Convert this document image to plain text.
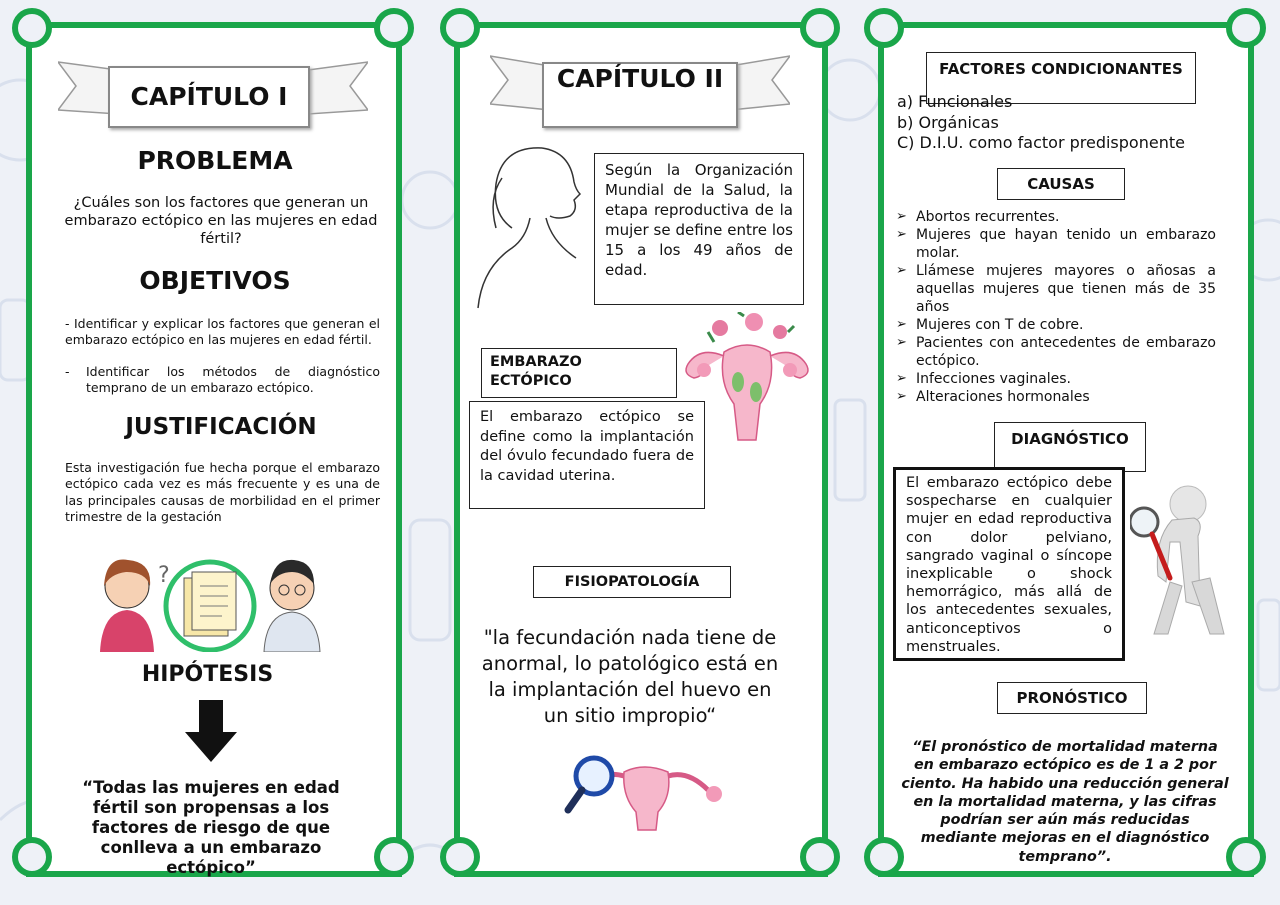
CAPÍTULO I
PROBLEMA
¿Cuáles son los factores que generan un embarazo ectópico en las mujeres en edad fértil?
OBJETIVOS
- Identificar y explicar los factores que generan el embarazo ectópico en las mujeres en edad fértil.
-	Identificar los métodos de diagnóstico temprano de un embarazo ectópico.
JUSTIFICACIÓN
Esta investigación fue hecha porque el embarazo ectópico cada vez es más frecuente y es una de las principales causas de morbilidad en el primer trimestre de la gestación
?
HIPÓTESIS
“Todas las mujeres en edad fértil son propensas a los factores de riesgo de que conlleva a un embarazo ectópico”
CAPÍTULO II
Según la Organización Mundial de la Salud, la etapa reproductiva de la mujer se define entre los 15 a los 49 años de edad.
EMBARAZO ECTÓPICO
El embarazo ectópico se define como la implantación del óvulo fecundado fuera de la cavidad uterina.
FISIOPATOLOGÍA
"la fecundación nada tiene de anormal, lo patológico está en la implantación del huevo en un sitio impropio“
FACTORES CONDICIONANTES
a) Funcionales
b) Orgánicas
C) D.I.U. como factor predisponente
CAUSAS
➢ Abortos recurrentes.
➢ Mujeres que hayan tenido un embarazo molar.
➢ Llámese mujeres mayores o añosas a aquellas mujeres que tienen más de 35 años
➢ Mujeres con T de cobre.
➢ Pacientes con antecedentes de embarazo ectópico.
➢ Infecciones vaginales.
➢ Alteraciones hormonales
DIAGNÓSTICO
El embarazo ectópico debe sospecharse en cualquier mujer en edad reproductiva con dolor pelviano, sangrado vaginal o síncope inexplicable o shock hemorrágico, más allá de los antecedentes sexuales, anticonceptivos o menstruales.
PRONÓSTICO
“El pronóstico de mortalidad materna en embarazo ectópico es de 1 a 2 por ciento. Ha habido una reducción general en la mortalidad materna, y las cifras podrían ser aún más reducidas mediante mejoras en el diagnóstico temprano”.
